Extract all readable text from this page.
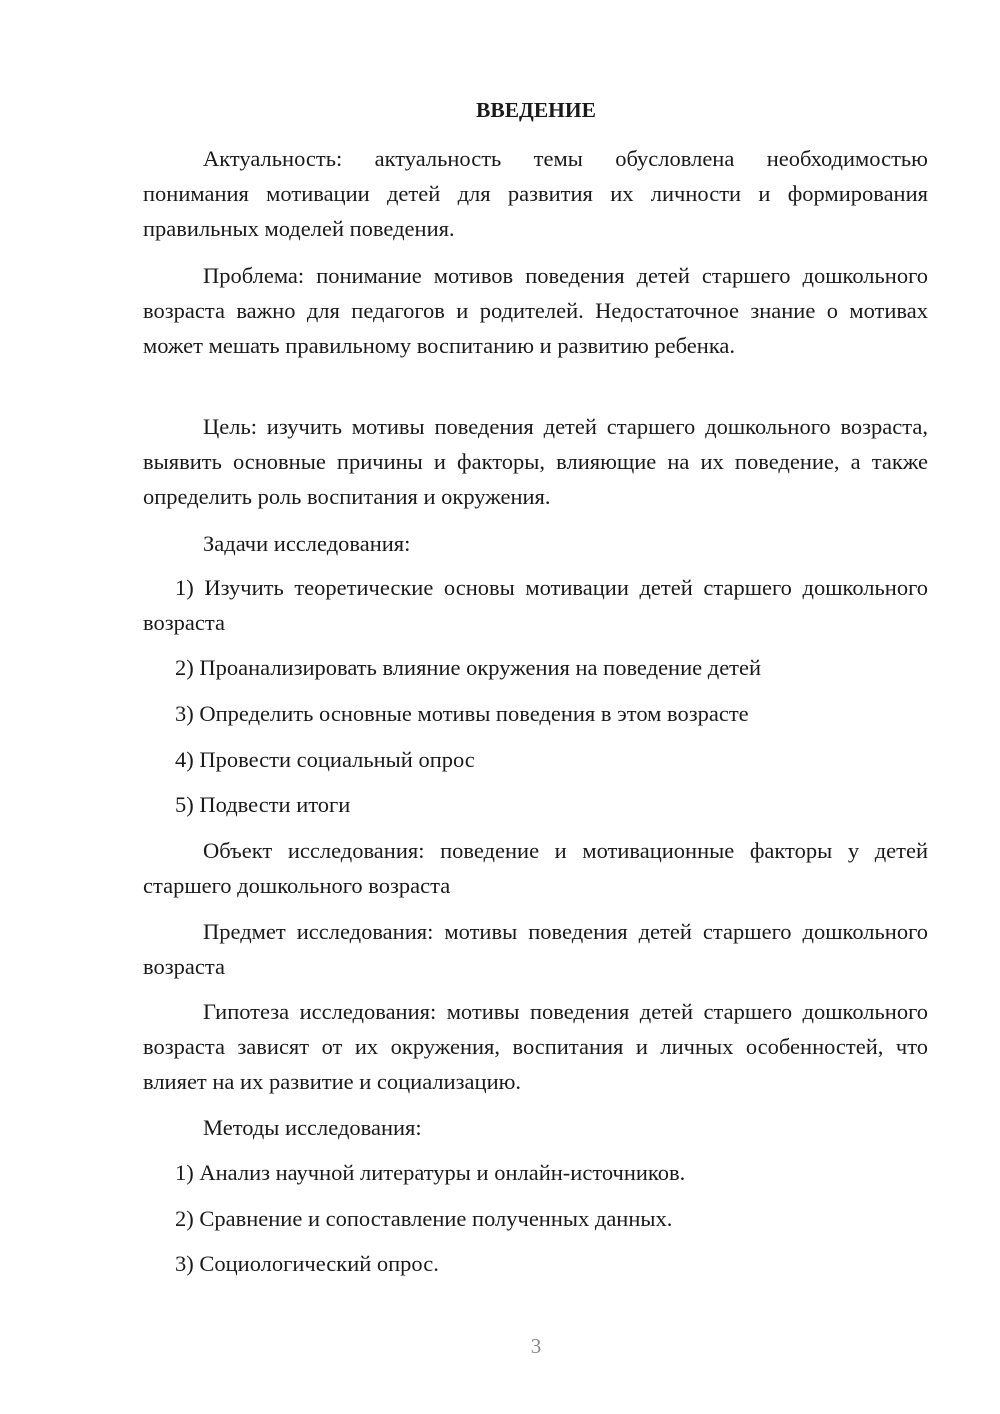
ВВЕДЕНИЕ

Актуальность: актуальность темы обусловлена необходимостью понимания мотивации детей для развития их личности и формирования правильных моделей поведения.

Проблема: понимание мотивов поведения детей старшего дошкольного возраста важно для педагогов и родителей. Недостаточное знание о мотивах может мешать правильному воспитанию и развитию ребенка.

Цель: изучить мотивы поведения детей старшего дошкольного возраста, выявить основные причины и факторы, влияющие на их поведение, а также определить роль воспитания и окружения.

Задачи исследования:

1) Изучить теоретические основы мотивации детей старшего дошкольного возраста

2) Проанализировать влияние окружения на поведение детей

3) Определить основные мотивы поведения в этом возрасте

4) Провести социальный опрос

5) Подвести итоги

Объект исследования: поведение и мотивационные факторы у детей старшего дошкольного возраста

Предмет исследования: мотивы поведения детей старшего дошкольного возраста

Гипотеза исследования: мотивы поведения детей старшего дошкольного возраста зависят от их окружения, воспитания и личных особенностей, что влияет на их развитие и социализацию.

Методы исследования:

1) Анализ научной литературы и онлайн-источников.

2) Сравнение и сопоставление полученных данных.

3) Социологический опрос.

3
